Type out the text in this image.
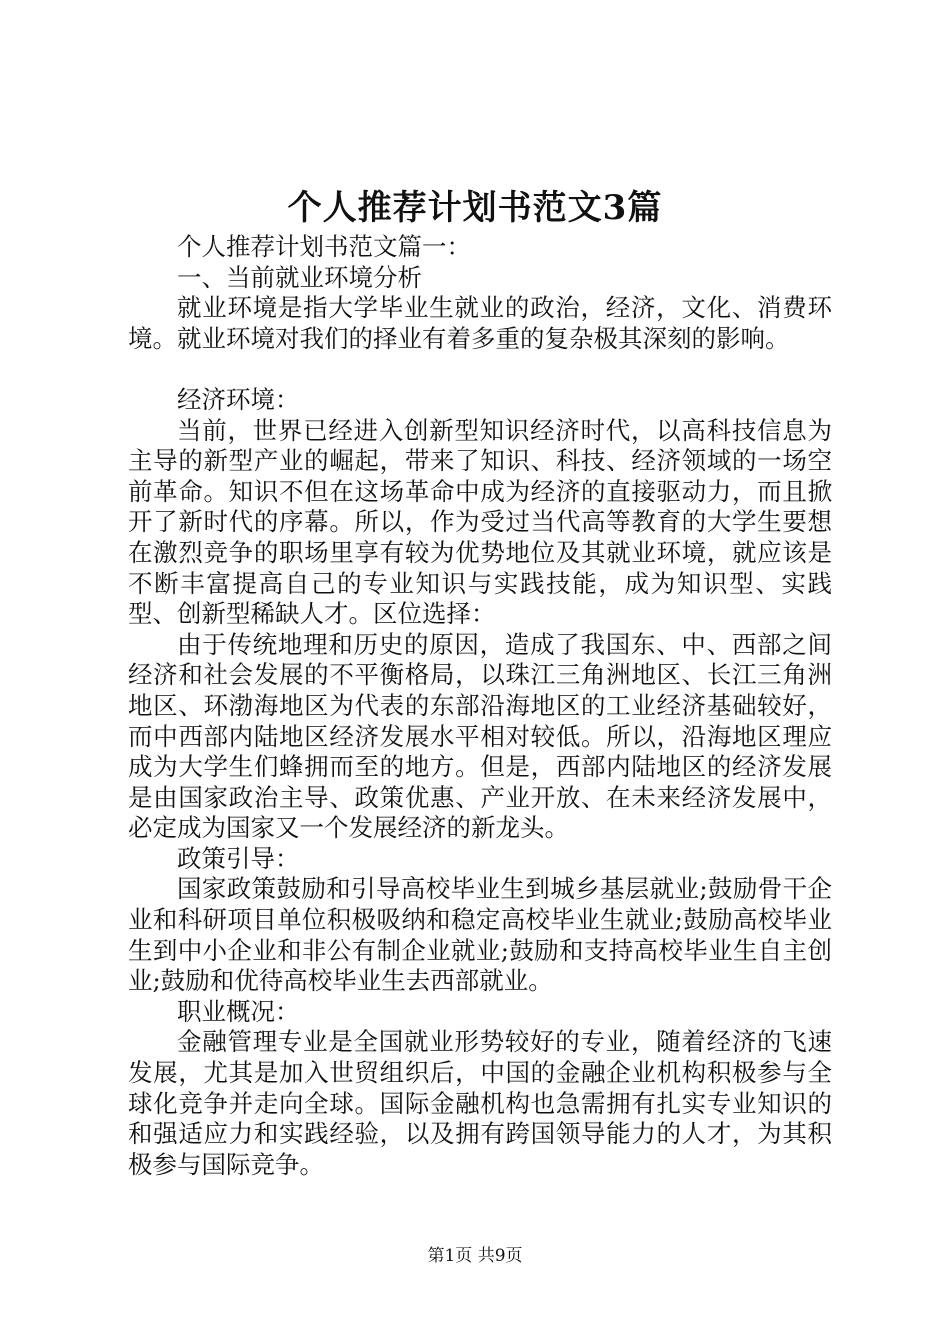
个人推荐计划书范文3篇

个人推荐计划书范文篇一：

一、当前就业环境分析

就业环境是指大学毕业生就业的政治，经济，文化、消费环境。就业环境对我们的择业有着多重的复杂极其深刻的影响。

经济环境：

当前，世界已经进入创新型知识经济时代，以高科技信息为主导的新型产业的崛起，带来了知识、科技、经济领域的一场空前革命。知识不但在这场革命中成为经济的直接驱动力，而且掀开了新时代的序幕。所以，作为受过当代高等教育的大学生要想在激烈竞争的职场里享有较为优势地位及其就业环境，就应该是不断丰富提高自己的专业知识与实践技能，成为知识型、实践型、创新型稀缺人才。区位选择：

由于传统地理和历史的原因，造成了我国东、中、西部之间经济和社会发展的不平衡格局，以珠江三角洲地区、长江三角洲地区、环渤海地区为代表的东部沿海地区的工业经济基础较好，而中西部内陆地区经济发展水平相对较低。所以，沿海地区理应成为大学生们蜂拥而至的地方。但是，西部内陆地区的经济发展是由国家政治主导、政策优惠、产业开放、在未来经济发展中，必定成为国家又一个发展经济的新龙头。

政策引导：

国家政策鼓励和引导高校毕业生到城乡基层就业;鼓励骨干企业和科研项目单位积极吸纳和稳定高校毕业生就业;鼓励高校毕业生到中小企业和非公有制企业就业;鼓励和支持高校毕业生自主创业;鼓励和优待高校毕业生去西部就业。

职业概况：

金融管理专业是全国就业形势较好的专业，随着经济的飞速发展，尤其是加入世贸组织后，中国的金融企业机构积极参与全球化竞争并走向全球。国际金融机构也急需拥有扎实专业知识的和强适应力和实践经验，以及拥有跨国领导能力的人才，为其积极参与国际竞争。

第1页 共9页
